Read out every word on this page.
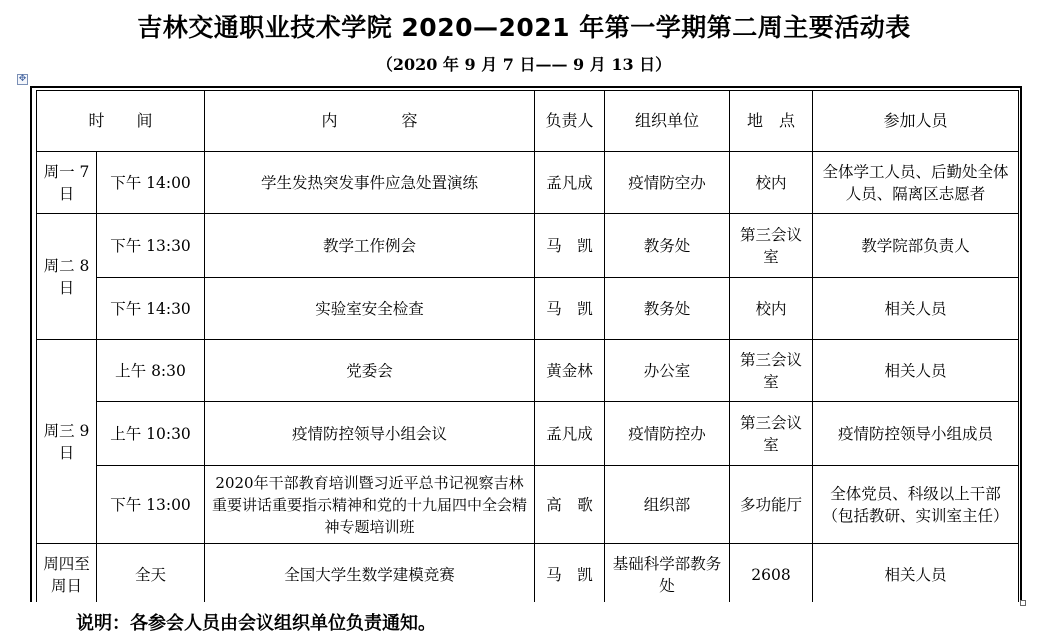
吉林交通职业技术学院 2020—2021 年第一学期第二周主要活动表
（2020 年 9 月 7 日—— 9 月 13 日）
✥
时　　间		内　　　　容	负责人	组织单位	地　点	参加人员
周一 7日	下午 14:00	学生发热突发事件应急处置演练	孟凡成	疫情防空办	校内	全体学工人员、后勤处全体人员、隔离区志愿者
周二 8日	下午 13:30	教学工作例会	马　凯	教务处	第三会议室	教学院部负责人
	下午 14:30	实验室安全检查	马　凯	教务处	校内	相关人员
周三 9日	上午 8:30	党委会	黄金林	办公室	第三会议室	相关人员
	上午 10:30	疫情防控领导小组会议	孟凡成	疫情防控办	第三会议室	疫情防控领导小组成员
	下午 13:00	2020年干部教育培训暨习近平总书记视察吉林重要讲话重要指示精神和党的十九届四中全会精神专题培训班	高　歌	组织部	多功能厅	全体党员、科级以上干部（包括教研、实训室主任）
周四至周日	全天	全国大学生数学建模竞赛	马　凯	基础科学部教务处	2608	相关人员
说明：各参会人员由会议组织单位负责通知。
